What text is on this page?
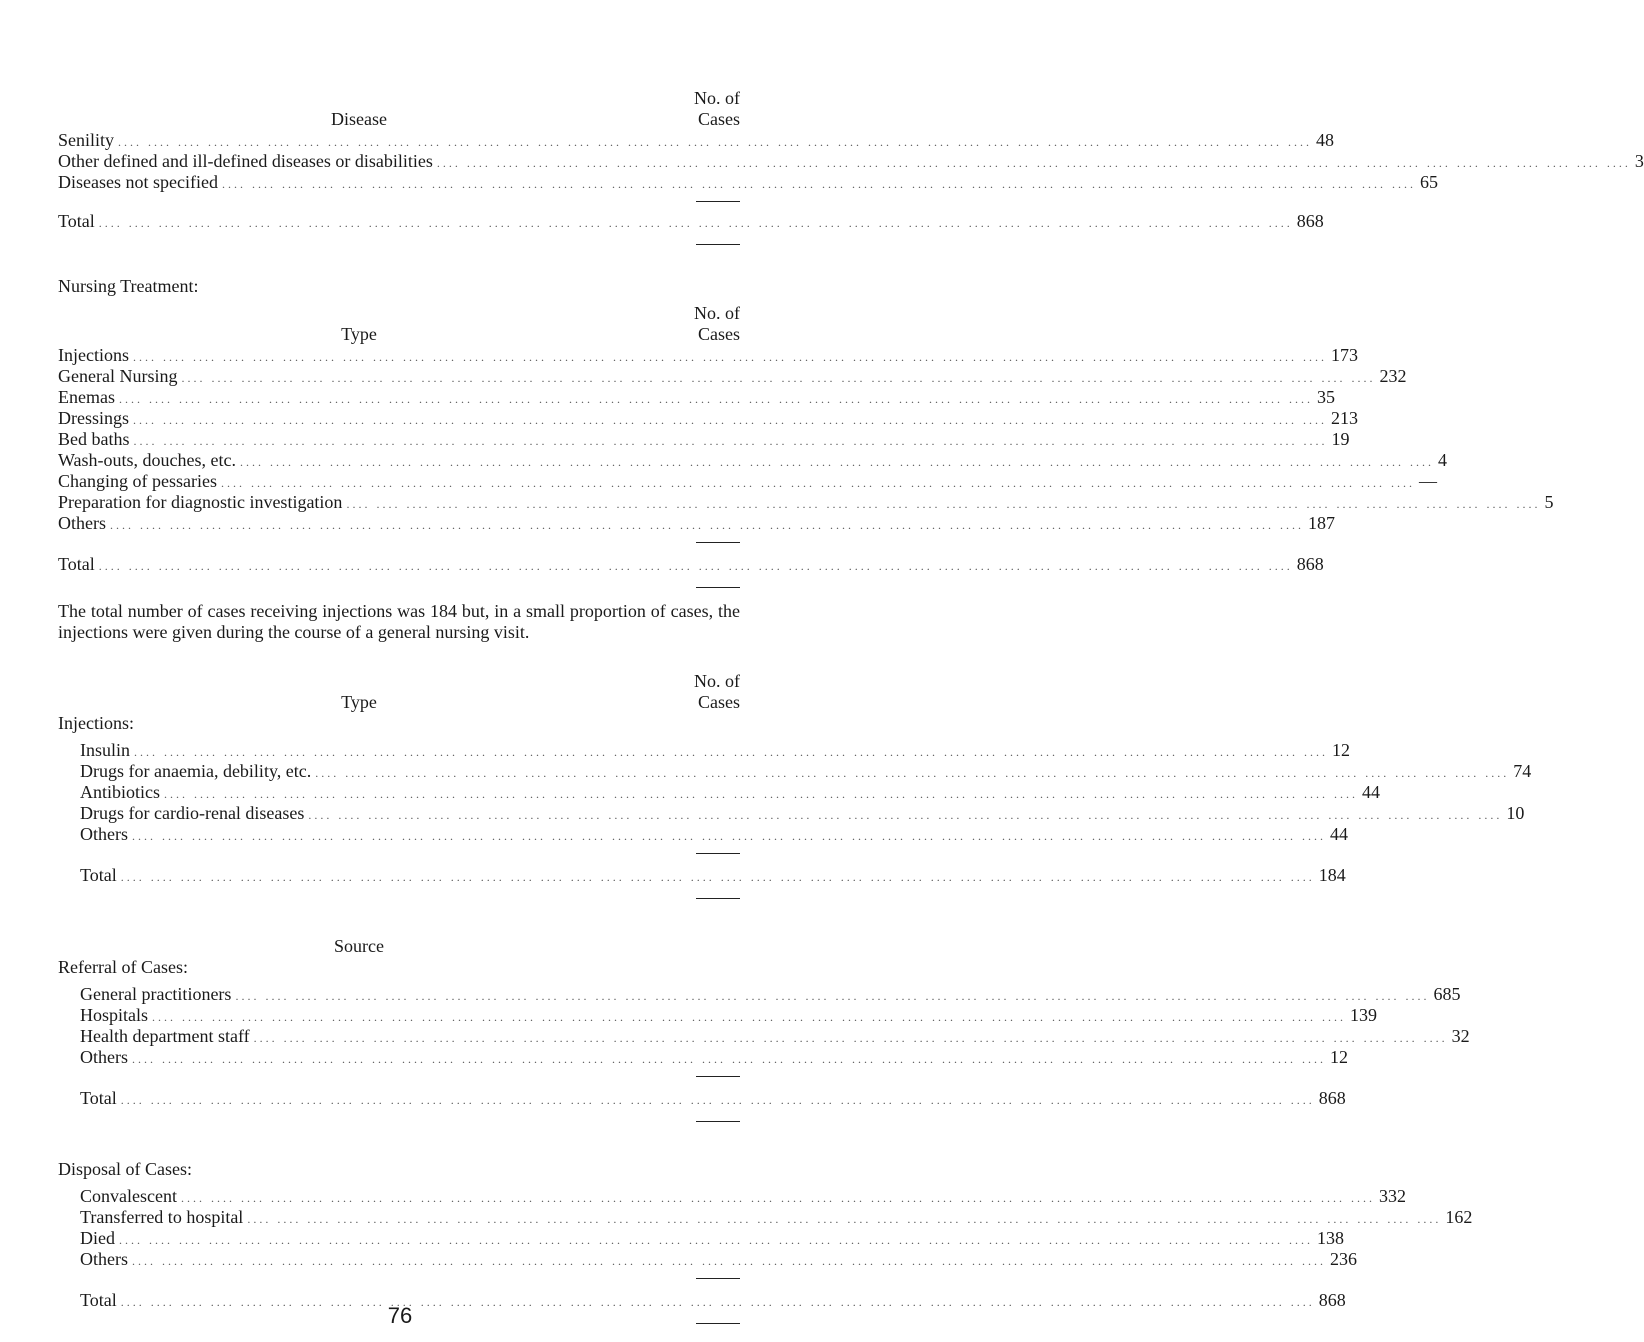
No. of
Disease	Cases
Senility .... .... .... .... .... .... .... .... .... .... .... .... .... .... .... .... .... .... .... .... .... .... .... .... .... .... .... .... .... .... .... .... .... .... .... .... .... .... .... .... 48
Other defined and ill-defined diseases or disabilities .... .... .... .... .... .... .... .... .... .... .... .... .... .... .... .... .... .... .... .... .... .... .... .... .... .... .... .... .... .... .... .... .... .... .... .... .... .... .... .... 3
Diseases not specified .... .... .... .... .... .... .... .... .... .... .... .... .... .... .... .... .... .... .... .... .... .... .... .... .... .... .... .... .... .... .... .... .... .... .... .... .... .... .... .... 65
Total .... .... .... .... .... .... .... .... .... .... .... .... .... .... .... .... .... .... .... .... .... .... .... .... .... .... .... .... .... .... .... .... .... .... .... .... .... .... .... .... 868
Nursing Treatment:
No. of
Type	Cases
Injections .... .... .... .... .... .... .... .... .... .... .... .... .... .... .... .... .... .... .... .... .... .... .... .... .... .... .... .... .... .... .... .... .... .... .... .... .... .... .... .... 173
General Nursing .... .... .... .... .... .... .... .... .... .... .... .... .... .... .... .... .... .... .... .... .... .... .... .... .... .... .... .... .... .... .... .... .... .... .... .... .... .... .... .... 232
Enemas .... .... .... .... .... .... .... .... .... .... .... .... .... .... .... .... .... .... .... .... .... .... .... .... .... .... .... .... .... .... .... .... .... .... .... .... .... .... .... .... 35
Dressings .... .... .... .... .... .... .... .... .... .... .... .... .... .... .... .... .... .... .... .... .... .... .... .... .... .... .... .... .... .... .... .... .... .... .... .... .... .... .... .... 213
Bed baths .... .... .... .... .... .... .... .... .... .... .... .... .... .... .... .... .... .... .... .... .... .... .... .... .... .... .... .... .... .... .... .... .... .... .... .... .... .... .... .... 19
Wash-outs, douches, etc. .... .... .... .... .... .... .... .... .... .... .... .... .... .... .... .... .... .... .... .... .... .... .... .... .... .... .... .... .... .... .... .... .... .... .... .... .... .... .... .... 4
Changing of pessaries .... .... .... .... .... .... .... .... .... .... .... .... .... .... .... .... .... .... .... .... .... .... .... .... .... .... .... .... .... .... .... .... .... .... .... .... .... .... .... .... —
Preparation for diagnostic investigation .... .... .... .... .... .... .... .... .... .... .... .... .... .... .... .... .... .... .... .... .... .... .... .... .... .... .... .... .... .... .... .... .... .... .... .... .... .... .... .... 5
Others .... .... .... .... .... .... .... .... .... .... .... .... .... .... .... .... .... .... .... .... .... .... .... .... .... .... .... .... .... .... .... .... .... .... .... .... .... .... .... .... 187
Total .... .... .... .... .... .... .... .... .... .... .... .... .... .... .... .... .... .... .... .... .... .... .... .... .... .... .... .... .... .... .... .... .... .... .... .... .... .... .... .... 868
The total number of cases receiving injections was 184 but, in a small proportion of cases, the injections were given during the course of a general nursing visit.
No. of
Type	Cases
Injections:
Insulin .... .... .... .... .... .... .... .... .... .... .... .... .... .... .... .... .... .... .... .... .... .... .... .... .... .... .... .... .... .... .... .... .... .... .... .... .... .... .... .... 12
Drugs for anaemia, debility, etc. .... .... .... .... .... .... .... .... .... .... .... .... .... .... .... .... .... .... .... .... .... .... .... .... .... .... .... .... .... .... .... .... .... .... .... .... .... .... .... .... 74
Antibiotics .... .... .... .... .... .... .... .... .... .... .... .... .... .... .... .... .... .... .... .... .... .... .... .... .... .... .... .... .... .... .... .... .... .... .... .... .... .... .... .... 44
Drugs for cardio-renal diseases .... .... .... .... .... .... .... .... .... .... .... .... .... .... .... .... .... .... .... .... .... .... .... .... .... .... .... .... .... .... .... .... .... .... .... .... .... .... .... .... 10
Others .... .... .... .... .... .... .... .... .... .... .... .... .... .... .... .... .... .... .... .... .... .... .... .... .... .... .... .... .... .... .... .... .... .... .... .... .... .... .... .... 44
Total .... .... .... .... .... .... .... .... .... .... .... .... .... .... .... .... .... .... .... .... .... .... .... .... .... .... .... .... .... .... .... .... .... .... .... .... .... .... .... .... 184
Source
Referral of Cases:
General practitioners .... .... .... .... .... .... .... .... .... .... .... .... .... .... .... .... .... .... .... .... .... .... .... .... .... .... .... .... .... .... .... .... .... .... .... .... .... .... .... .... 685
Hospitals .... .... .... .... .... .... .... .... .... .... .... .... .... .... .... .... .... .... .... .... .... .... .... .... .... .... .... .... .... .... .... .... .... .... .... .... .... .... .... .... 139
Health department staff .... .... .... .... .... .... .... .... .... .... .... .... .... .... .... .... .... .... .... .... .... .... .... .... .... .... .... .... .... .... .... .... .... .... .... .... .... .... .... .... 32
Others .... .... .... .... .... .... .... .... .... .... .... .... .... .... .... .... .... .... .... .... .... .... .... .... .... .... .... .... .... .... .... .... .... .... .... .... .... .... .... .... 12
Total .... .... .... .... .... .... .... .... .... .... .... .... .... .... .... .... .... .... .... .... .... .... .... .... .... .... .... .... .... .... .... .... .... .... .... .... .... .... .... .... 868
Disposal of Cases:
Convalescent .... .... .... .... .... .... .... .... .... .... .... .... .... .... .... .... .... .... .... .... .... .... .... .... .... .... .... .... .... .... .... .... .... .... .... .... .... .... .... .... 332
Transferred to hospital .... .... .... .... .... .... .... .... .... .... .... .... .... .... .... .... .... .... .... .... .... .... .... .... .... .... .... .... .... .... .... .... .... .... .... .... .... .... .... .... 162
Died .... .... .... .... .... .... .... .... .... .... .... .... .... .... .... .... .... .... .... .... .... .... .... .... .... .... .... .... .... .... .... .... .... .... .... .... .... .... .... .... 138
Others .... .... .... .... .... .... .... .... .... .... .... .... .... .... .... .... .... .... .... .... .... .... .... .... .... .... .... .... .... .... .... .... .... .... .... .... .... .... .... .... 236
Total .... .... .... .... .... .... .... .... .... .... .... .... .... .... .... .... .... .... .... .... .... .... .... .... .... .... .... .... .... .... .... .... .... .... .... .... .... .... .... .... 868
76
